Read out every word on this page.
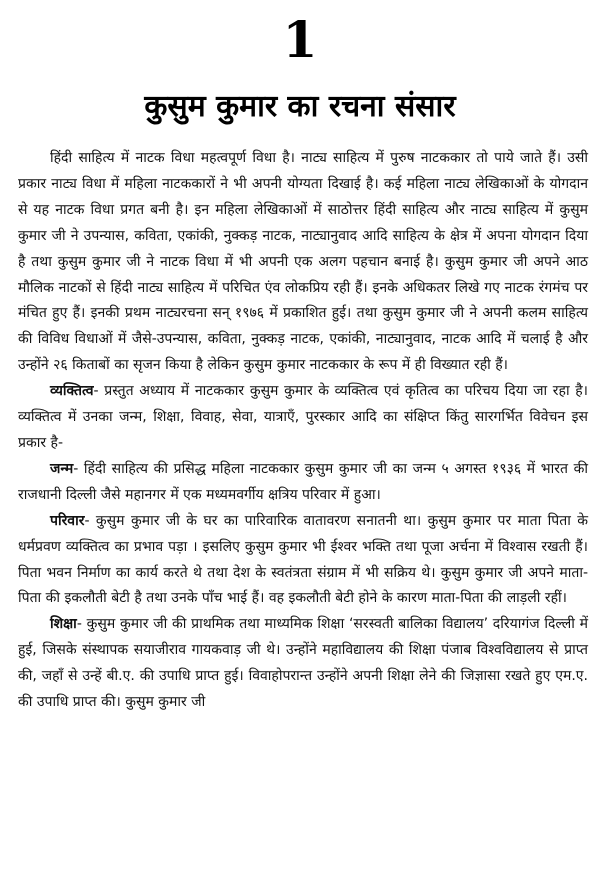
1
कुसुम कुमार का रचना संसार

हिंदी साहित्य में नाटक विधा महत्वपूर्ण विधा है। नाट्य साहित्य में पुरुष नाटककार तो पाये जाते हैं। उसी प्रकार नाट्य विधा में महिला नाटककारों ने भी अपनी योग्यता दिखाई है। कई महिला नाट्य लेखिकाओं के योगदान से यह नाटक विधा प्रगत बनी है। इन महिला लेखिकाओं में साठोत्तर हिंदी साहित्य और नाट्य साहित्य में कुसुम कुमार जी ने उपन्यास, कविता, एकांकी, नुक्कड़ नाटक, नाट्यानुवाद आदि साहित्य के क्षेत्र में अपना योगदान दिया है तथा कुसुम कुमार जी ने नाटक विधा में भी अपनी एक अलग पहचान बनाई है। कुसुम कुमार जी अपने आठ मौलिक नाटकों से हिंदी नाट्य साहित्य में परिचित एंव लोकप्रिय रही हैं। इनके अधिकतर लिखे गए नाटक रंगमंच पर मंचित हुए हैं। इनकी प्रथम नाट्यरचना सन् १९७६ में प्रकाशित हुई। तथा कुसुम कुमार जी ने अपनी कलम साहित्य की विविध विधाओं में जैसे-उपन्यास, कविता, नुक्कड़ नाटक, एकांकी, नाट्यानुवाद, नाटक आदि में चलाई है और उन्होंने २६ किताबों का सृजन किया है लेकिन कुसुम कुमार नाटककार के रूप में ही विख्यात रही हैं।

व्यक्तित्व- प्रस्तुत अध्याय में नाटककार कुसुम कुमार के व्यक्तित्व एवं कृतित्व का परिचय दिया जा रहा है। व्यक्तित्व में उनका जन्म, शिक्षा, विवाह, सेवा, यात्राएँ, पुरस्कार आदि का संक्षिप्त किंतु सारगर्भित विवेचन इस प्रकार है-

जन्म- हिंदी साहित्य की प्रसिद्ध महिला नाटककार कुसुम कुमार जी का जन्म ५ अगस्त १९३६ में भारत की राजधानी दिल्ली जैसे महानगर में एक मध्यमवर्गीय क्षत्रिय परिवार में हुआ।

परिवार- कुसुम कुमार जी के घर का पारिवारिक वातावरण सनातनी था। कुसुम कुमार पर माता पिता के धर्मप्रवण व्यक्तित्व का प्रभाव पड़ा । इसलिए कुसुम कुमार भी ईश्वर भक्ति तथा पूजा अर्चना में विश्वास रखती हैं। पिता भवन निर्माण का कार्य करते थे तथा देश के स्वतंत्रता संग्राम में भी सक्रिय थे। कुसुम कुमार जी अपने माता-पिता की इकलौती बेटी है तथा उनके पाँच भाई हैं। वह इकलौती बेटी होने के कारण माता-पिता की लाड़ली रहीं।

शिक्षा- कुसुम कुमार जी की प्राथमिक तथा माध्यमिक शिक्षा ‘सरस्वती बालिका विद्यालय’ दरियागंज दिल्ली में हुई, जिसके संस्थापक सयाजीराव गायकवाड़ जी थे। उन्होंने महाविद्यालय की शिक्षा पंजाब विश्वविद्यालय से प्राप्त की, जहाँ से उन्हें बी.ए. की उपाधि प्राप्त हुई। विवाहोपरान्त उन्होंने अपनी शिक्षा लेने की जिज्ञासा रखते हुए एम.ए. की उपाधि प्राप्त की। कुसुम कुमार जी
